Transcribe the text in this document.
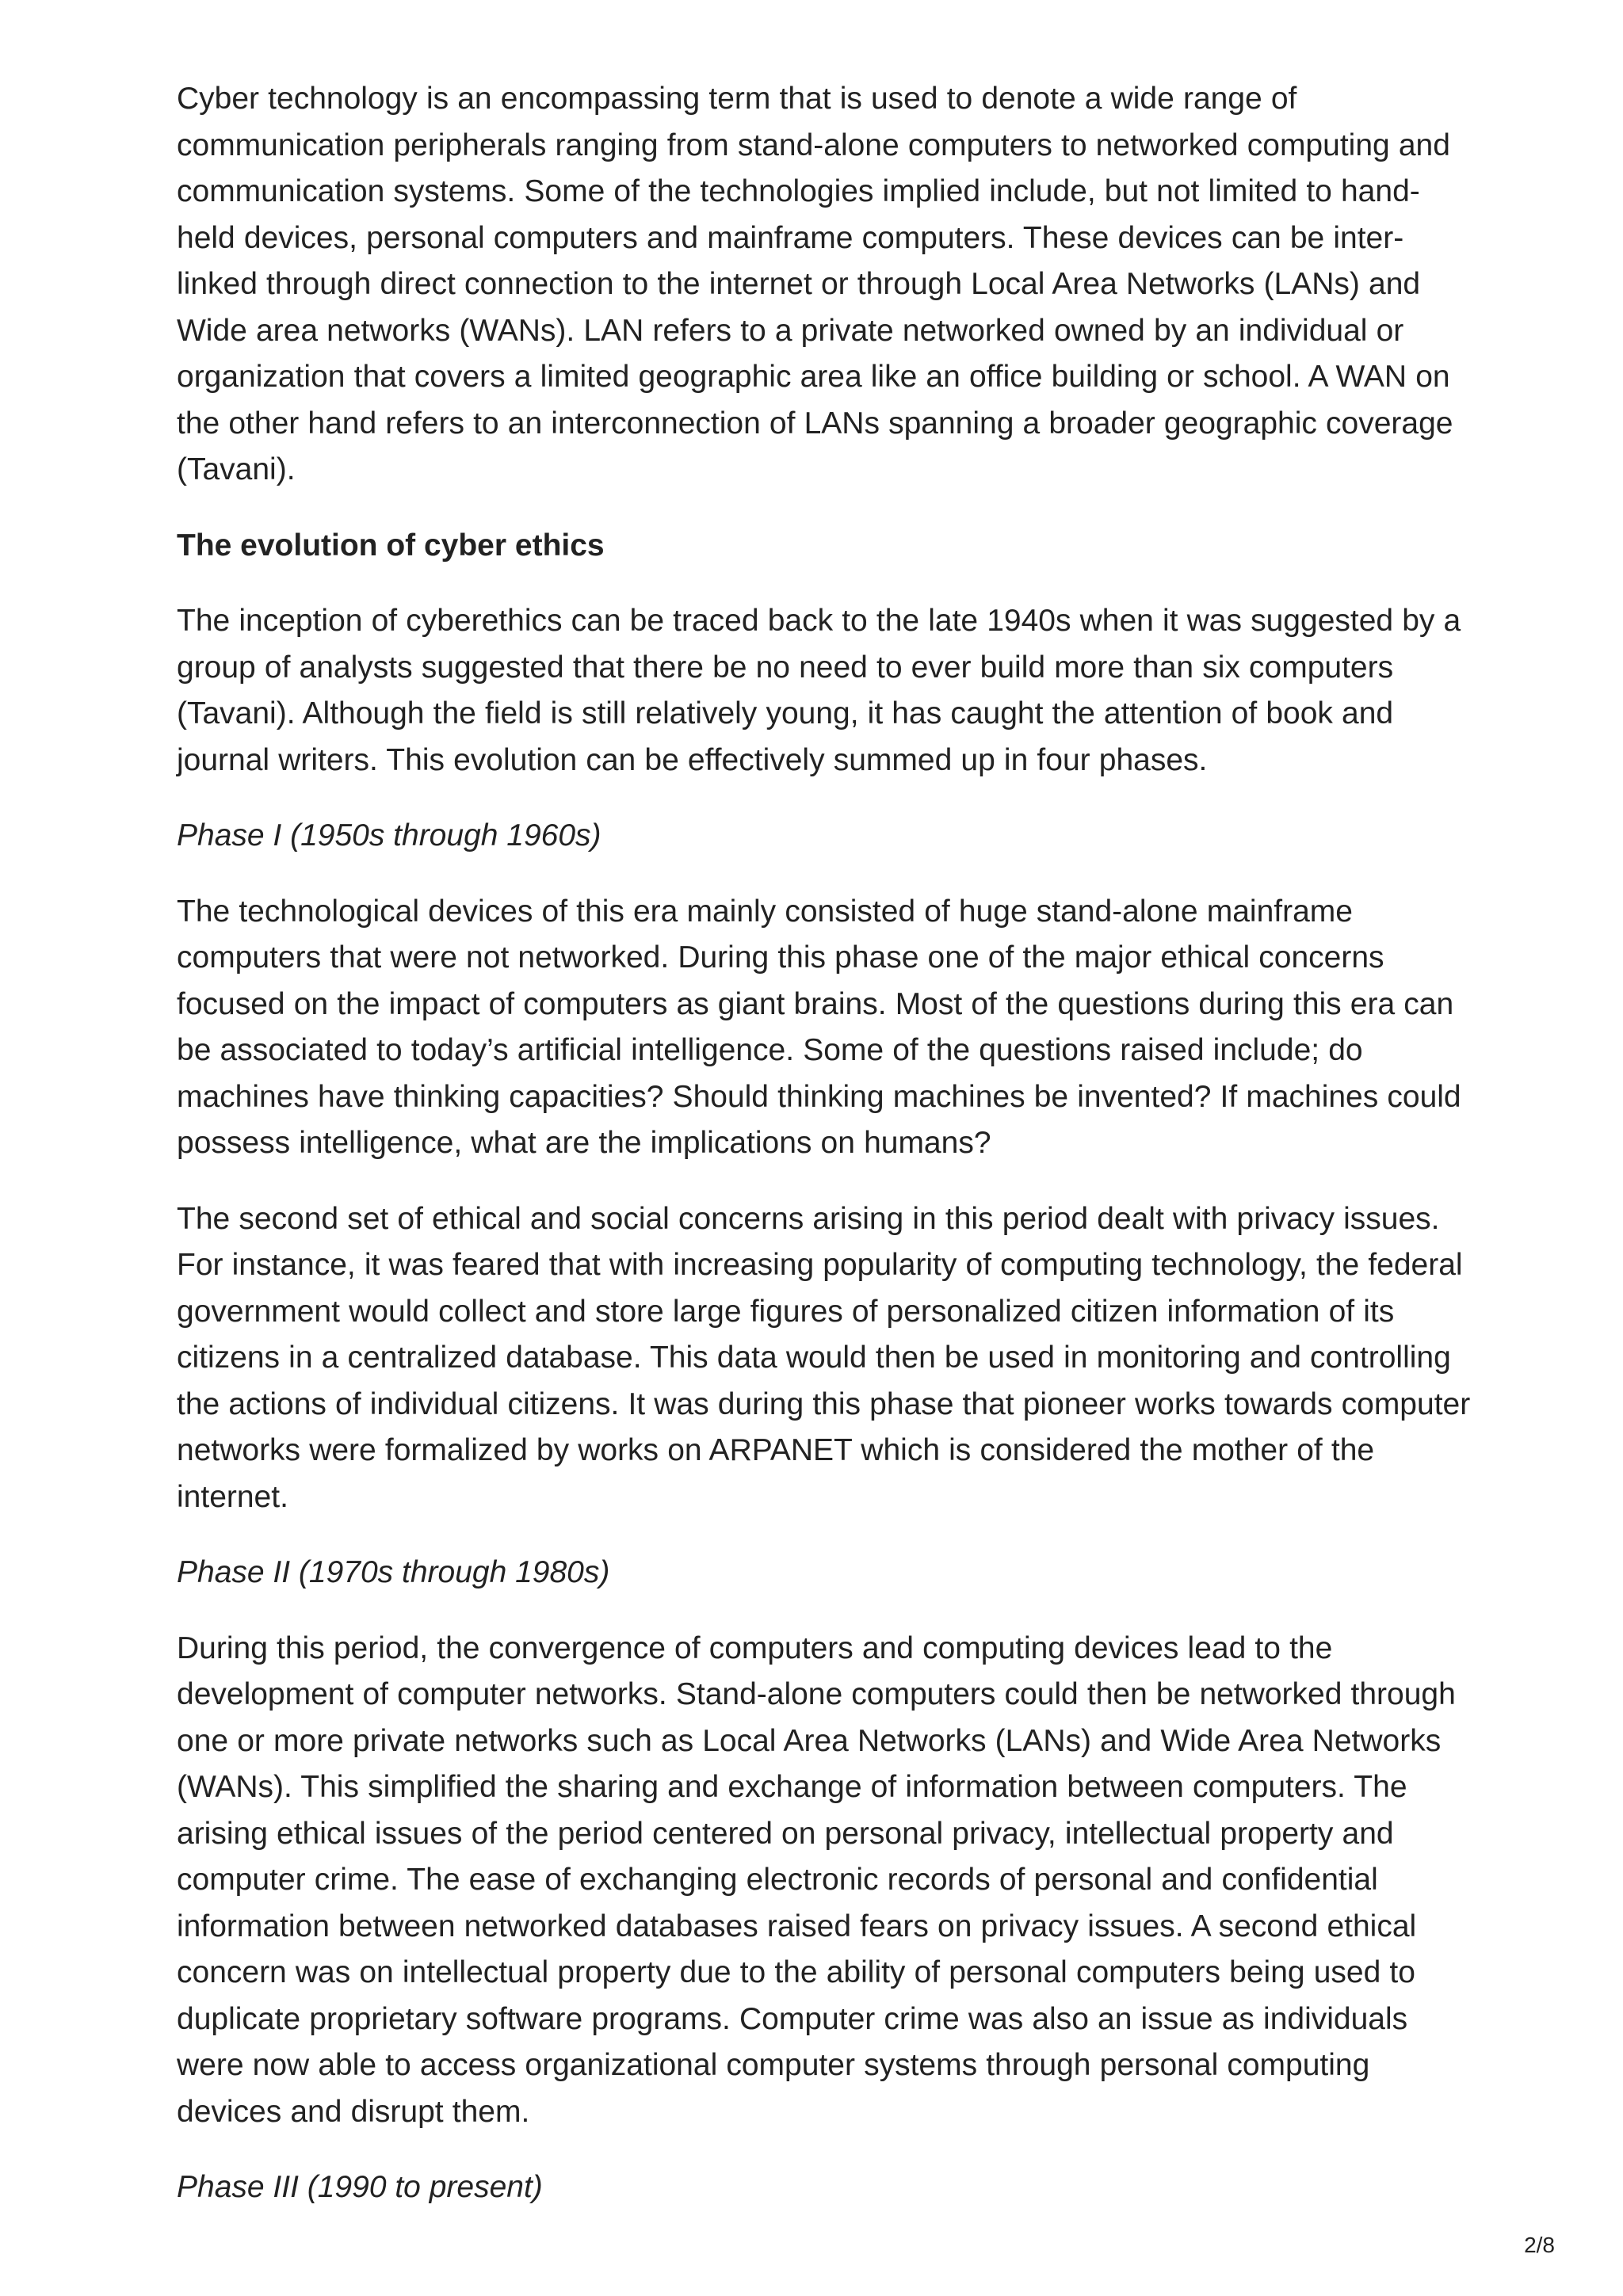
Cyber technology is an encompassing term that is used to denote a wide range of communication peripherals ranging from stand-alone computers to networked computing and communication systems. Some of the technologies implied include, but not limited to hand-held devices, personal computers and mainframe computers. These devices can be inter-linked through direct connection to the internet or through Local Area Networks (LANs) and Wide area networks (WANs). LAN refers to a private networked owned by an individual or organization that covers a limited geographic area like an office building or school. A WAN on the other hand refers to an interconnection of LANs spanning a broader geographic coverage (Tavani).

The evolution of cyber ethics

The inception of cyberethics can be traced back to the late 1940s when it was suggested by a group of analysts suggested that there be no need to ever build more than six computers (Tavani). Although the field is still relatively young, it has caught the attention of book and journal writers. This evolution can be effectively summed up in four phases.

Phase I (1950s through 1960s)

The technological devices of this era mainly consisted of huge stand-alone mainframe computers that were not networked. During this phase one of the major ethical concerns focused on the impact of computers as giant brains. Most of the questions during this era can be associated to today’s artificial intelligence. Some of the questions raised include; do machines have thinking capacities? Should thinking machines be invented? If machines could possess intelligence, what are the implications on humans?

The second set of ethical and social concerns arising in this period dealt with privacy issues. For instance, it was feared that with increasing popularity of computing technology, the federal government would collect and store large figures of personalized citizen information of its citizens in a centralized database. This data would then be used in monitoring and controlling the actions of individual citizens. It was during this phase that pioneer works towards computer networks were formalized by works on ARPANET which is considered the mother of the internet.

Phase II (1970s through 1980s)

During this period, the convergence of computers and computing devices lead to the development of computer networks. Stand-alone computers could then be networked through one or more private networks such as Local Area Networks (LANs) and Wide Area Networks (WANs). This simplified the sharing and exchange of information between computers. The arising ethical issues of the period centered on personal privacy, intellectual property and computer crime. The ease of exchanging electronic records of personal and confidential information between networked databases raised fears on privacy issues. A second ethical concern was on intellectual property due to the ability of personal computers being used to duplicate proprietary software programs. Computer crime was also an issue as individuals were now able to access organizational computer systems through personal computing devices and disrupt them.

Phase III (1990 to present)

2/8
